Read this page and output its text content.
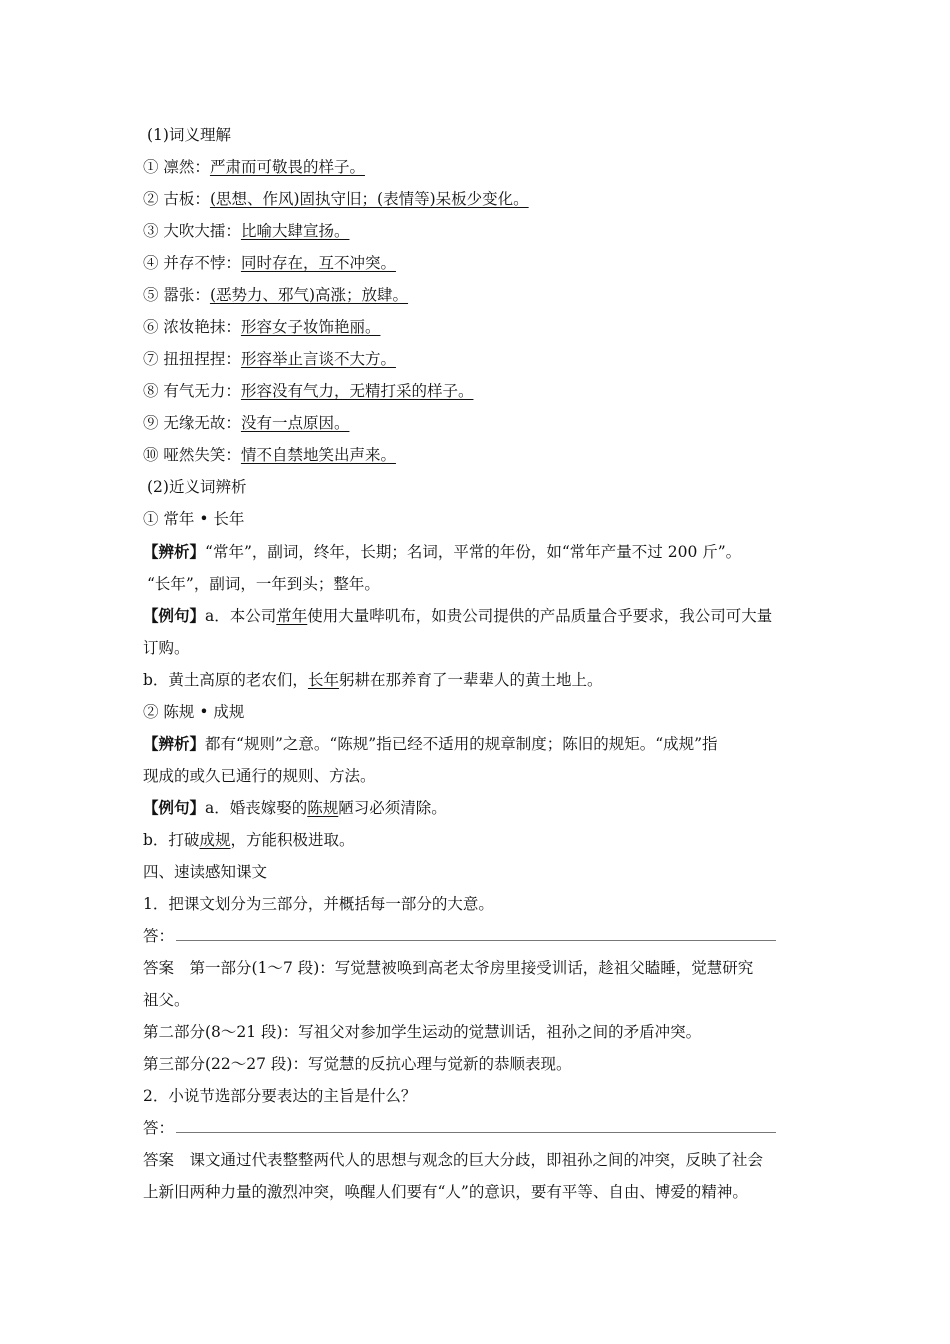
(1)词义理解
① 凛然：严肃而可敬畏的样子。
② 古板：(思想、作风)固执守旧；(表情等)呆板少变化。
③ 大吹大擂：比喻大肆宣扬。
④ 并存不悖：同时存在，互不冲突。
⑤ 嚣张：(恶势力、邪气)高涨；放肆。
⑥ 浓妆艳抹：形容女子妆饰艳丽。
⑦ 扭扭捏捏：形容举止言谈不大方。
⑧ 有气无力：形容没有气力，无精打采的样子。
⑨ 无缘无故：没有一点原因。
⑩ 哑然失笑：情不自禁地笑出声来。
(2)近义词辨析
① 常年 • 长年
【辨析】“常年”，副词，终年，长期；名词，平常的年份，如“常年产量不过 200 斤”。
“长年”，副词，一年到头；整年。
【例句】a．本公司常年使用大量哔叽布，如贵公司提供的产品质量合乎要求，我公司可大量
订购。
b．黄土高原的老农们，长年躬耕在那养育了一辈辈人的黄土地上。
② 陈规 • 成规
【辨析】都有“规则”之意。“陈规”指已经不适用的规章制度；陈旧的规矩。“成规”指
现成的或久已通行的规则、方法。
【例句】a．婚丧嫁娶的陈规陋习必须清除。
b．打破成规，方能积极进取。
四、速读感知课文
1．把课文划分为三部分，并概括每一部分的大意。
答：
答案　 第一部分(1～7 段)：写觉慧被唤到高老太爷房里接受训话，趁祖父瞌睡，觉慧研究
祖父。
第二部分(8～21 段)：写祖父对参加学生运动的觉慧训话，祖孙之间的矛盾冲突。
第三部分(22～27 段)：写觉慧的反抗心理与觉新的恭顺表现。
2．小说节选部分要表达的主旨是什么？
答：
答案　 课文通过代表整整两代人的思想与观念的巨大分歧，即祖孙之间的冲突，反映了社会
上新旧两种力量的激烈冲突，唤醒人们要有“人”的意识，要有平等、自由、博爱的精神。
